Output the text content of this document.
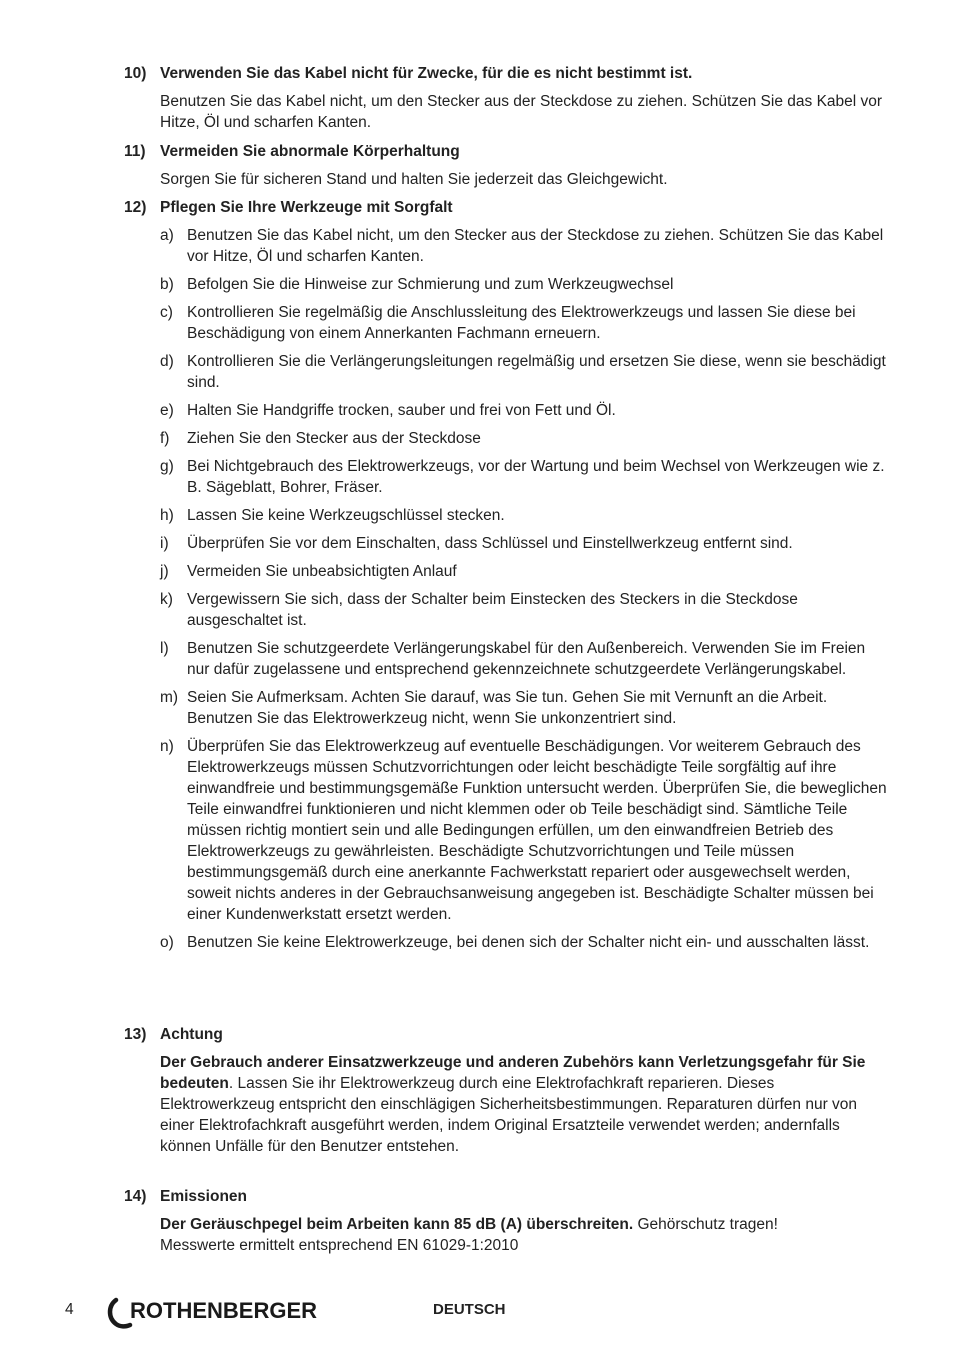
10) Verwenden Sie das Kabel nicht für Zwecke, für die es nicht bestimmt ist.

Benutzen Sie das Kabel nicht, um den Stecker aus der Steckdose zu ziehen. Schützen Sie das Kabel vor Hitze, Öl und scharfen Kanten.

11) Vermeiden Sie abnormale Körperhaltung

Sorgen Sie für sicheren Stand und halten Sie jederzeit das Gleichgewicht.

12) Pflegen Sie Ihre Werkzeuge mit Sorgfalt

a) Benutzen Sie das Kabel nicht, um den Stecker aus der Steckdose zu ziehen. Schützen Sie das Kabel vor Hitze, Öl und scharfen Kanten.
b) Befolgen Sie die Hinweise zur Schmierung und zum Werkzeugwechsel
c) Kontrollieren Sie regelmäßig die Anschlussleitung des Elektrowerkzeugs und lassen Sie diese bei Beschädigung von einem Annerkanten Fachmann erneuern.
d) Kontrollieren Sie die Verlängerungsleitungen regelmäßig und ersetzen Sie diese, wenn sie beschädigt sind.
e) Halten Sie Handgriffe trocken, sauber und frei von Fett und Öl.
f) Ziehen Sie den Stecker aus der Steckdose
g) Bei Nichtgebrauch des Elektrowerkzeugs, vor der Wartung und beim Wechsel von Werkzeugen wie z. B. Sägeblatt, Bohrer, Fräser.
h) Lassen Sie keine Werkzeugschlüssel stecken.
i) Überprüfen Sie vor dem Einschalten, dass Schlüssel und Einstellwerkzeug entfernt sind.
j) Vermeiden Sie unbeabsichtigten Anlauf
k) Vergewissern Sie sich, dass der Schalter beim Einstecken des Steckers in die Steckdose ausgeschaltet ist.
l) Benutzen Sie schutzgeerdete Verlängerungskabel für den Außenbereich. Verwenden Sie im Freien nur dafür zugelassene und entsprechend gekennzeichnete schutzgeerdete Verlängerungskabel.
m) Seien Sie Aufmerksam. Achten Sie darauf, was Sie tun. Gehen Sie mit Vernunft an die Arbeit. Benutzen Sie das Elektrowerkzeug nicht, wenn Sie unkonzentriert sind.
n) Überprüfen Sie das Elektrowerkzeug auf eventuelle Beschädigungen. Vor weiterem Gebrauch des Elektrowerkzeugs müssen Schutzvorrichtungen oder leicht beschädigte Teile sorgfältig auf ihre einwandfreie und bestimmungsgemäße Funktion untersucht werden. Überprüfen Sie, die beweglichen Teile einwandfrei funktionieren und nicht klemmen oder ob Teile beschädigt sind. Sämtliche Teile müssen richtig montiert sein und alle Bedingungen erfüllen, um den einwandfreien Betrieb des Elektrowerkzeugs zu gewährleisten. Beschädigte Schutzvorrichtungen und Teile müssen bestimmungsgemäß durch eine anerkannte Fachwerkstatt repariert oder ausgewechselt werden, soweit nichts anderes in der Gebrauchsanweisung angegeben ist. Beschädigte Schalter müssen bei einer Kundenwerkstatt ersetzt werden.
o) Benutzen Sie keine Elektrowerkzeuge, bei denen sich der Schalter nicht ein- und ausschalten lässt.

13) Achtung

Der Gebrauch anderer Einsatzwerkzeuge und anderen Zubehörs kann Verletzungsgefahr für Sie bedeuten. Lassen Sie ihr Elektrowerkzeug durch eine Elektrofachkraft reparieren. Dieses Elektrowerkzeug entspricht den einschlägigen Sicherheitsbestimmungen. Reparaturen dürfen nur von einer Elektrofachkraft ausgeführt werden, indem Original Ersatzteile verwendet werden; andernfalls können Unfälle für den Benutzer entstehen.

14) Emissionen

Der Geräuschpegel beim Arbeiten kann 85 dB (A) überschreiten. Gehörschutz tragen!
Messwerte ermittelt entsprechend EN 61029-1:2010

4	ROTHENBERGER	DEUTSCH
